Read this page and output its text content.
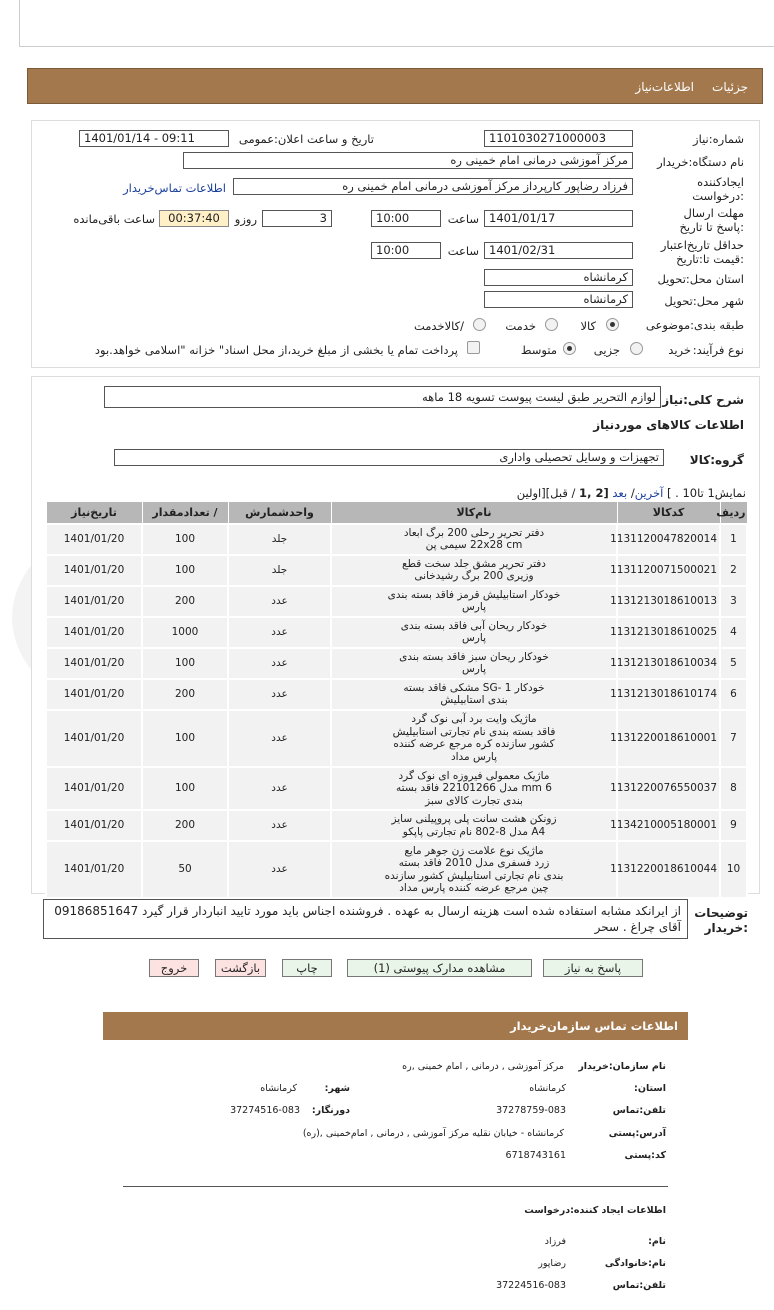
جزئیات
اطلاعات‌نیاز
شماره:نیاز
1101030271000003
تاریخ و ساعت اعلان:عمومی
1401/01/14 - 09:11
نام دستگاه:خریدار
مرکز آموزشی درمانی امام خمینی ره
ایجادکننده :درخواست
فرزاد رضاپور کارپرداز مرکز آموزشی درمانی امام خمینی ره
اطلاعات تماس‌خریدار
مهلت ارسال :پاسخ تا تاریخ
1401/01/17
ساعت
10:00
3
روزو
00:37:40
ساعت باقی‌مانده
حداقل تاریخ‌اعتبار :قیمت تا:تاریخ
1401/02/31
ساعت
10:00
استان محل:تحویل
کرمانشاه
شهر محل:تحویل
کرمانشاه
طبقه بندی:موضوعی
کالا
خدمت
/کالاخدمت
نوع فرآیند:
خرید
جزیی
متوسط
پرداخت تمام یا بخشی از مبلغ خرید،از محل اسناد" خزانه "اسلامی خواهد.بود
شرح کلی:نیاز
لوازم التحریر طبق لیست پیوست تسویه 18 ماهه
اطلاعات کالاهای موردنیاز
گروه:کالا
تجهیزات و وسایل تحصیلی واداری
نمایش1 تا10 . ] آخرین/ بعد [2 ,1 / قبل][اولین
ردیف	کدکالا	نام‌کالا	واحدشمارش	/ تعدادمقدار	تاریخ‌نیاز
1	1131120047820014	دفتر تحریر رحلی 200 برگ ابعاد
22x28 cm سیمی پن	جلد	100	1401/01/20
2	1131120071500021	دفتر تحریر مشق جلد سخت قطع
وزیری 200 برگ رشیدخانی	جلد	100	1401/01/20
3	1131213018610013	خودکار استابیلیش قرمز فاقد بسته بندی
پارس	عدد	200	1401/01/20
4	1131213018610025	خودکار ریحان آبی فاقد بسته بندی
پارس	عدد	1000	1401/01/20
5	1131213018610034	خودکار ریحان سبز فاقد بسته بندی
پارس	عدد	100	1401/01/20
6	1131213018610174	خودکار SG- 1 مشکی فاقد بسته
بندی استابیلیش	عدد	200	1401/01/20
7	1131220018610001	ماژیک وایت برد آبی نوک گرد
فاقد بسته بندی نام تجارتی استابیلیش
کشور سازنده کره مرجع عرضه کننده
پارس مداد	عدد	100	1401/01/20
8	1131220076550037	ماژیک معمولی فیروزه ای نوک گرد
6 mm مدل 22101266 فاقد بسته
بندی تجارت کالای سبز	عدد	100	1401/01/20
9	1134210005180001	زونکن هشت سانت پلی پروپیلنی سایز
A4 مدل 8-802 نام تجارتی پاپکو	عدد	200	1401/01/20
10	1131220018610044	ماژیک نوع علامت زن جوهر مایع
زرد فسفری مدل 2010 فاقد بسته
بندی نام تجارتی استابیلیش کشور سازنده
چین مرجع عرضه کننده پارس مداد	عدد	50	1401/01/20
توضیحات :خریدار
از ایرانکد مشابه استفاده شده است هزینه ارسال به عهده . فروشنده اجناس باید مورد تایید انباردار قرار گیرد 09186851647 آقای چراغ . سحر
پاسخ به نیاز
مشاهده مدارک پیوستی (1)
چاپ
بازگشت
خروج
اطلاعات تماس سازمان‌خریدار
نام سازمان:خریدار
مرکز آموزشی , درمانی , امام خمینی ,ره
استان:
کرمانشاه
شهر:
کرمانشاه
تلفن:تماس
37278759-083
دورنگار:
37274516-083
آدرس:پستی
کرمانشاه - خیابان نقلیه مرکز آموزشی , درمانی , امام‌خمینی ,(ره)
کد:پستی
6718743161
اطلاعات ایجاد کننده:درخواست
نام:
فرزاد
نام:خانوادگی
رضاپور
تلفن:تماس
37224516-083
